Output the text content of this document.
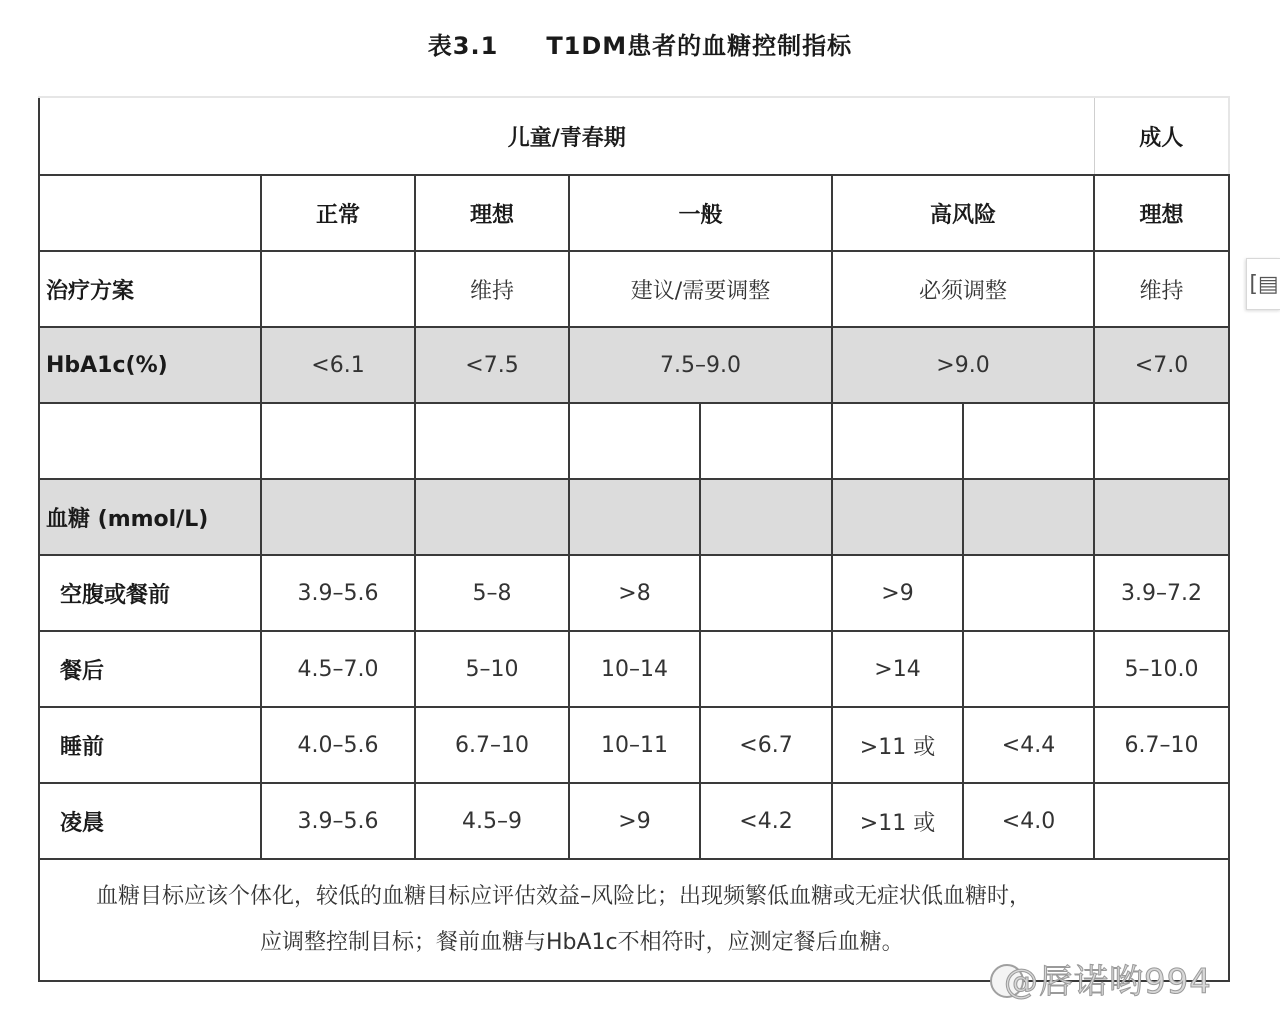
表3.1 T1DM患者的血糖控制指标
儿童/青春期							成人
	正常	理想	一般		高风险		理想
治疗方案		维持	建议/需要调整		必须调整		维持
HbA1c(%)	<6.1	<7.5	7.5–9.0		>9.0		<7.0

血糖 (mmol/L)							
空腹或餐前	3.9–5.6	5–8	>8		>9		3.9–7.2
餐后	4.5–7.0	5–10	10–14		>14		5–10.0
睡前	4.0–5.6	6.7–10	10–11	<6.7	>11 或	<4.4	6.7–10
凌晨	3.9–5.6	4.5–9	>9	<4.2	>11 或	<4.0	
血糖目标应该个体化，较低的血糖目标应评估效益–风险比；出现频繁低血糖或无症状低血糖时，
应调整控制目标；餐前血糖与HbA1c不相符时，应测定餐后血糖。							
@唇诺哟994
[▤
